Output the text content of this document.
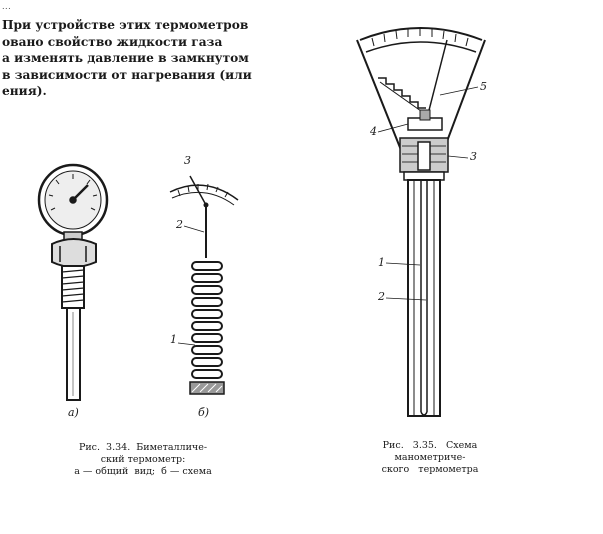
...
При устройстве этих термометров
овано свойство жидкости газа
а изменять давление в замкнутом
в зависимости от нагревания (или
ения).
3
2
1
а)	б)
5
4
3
1
2
Рис.  3.34.  Биметалличе-
ский термометр:
а — общий  вид;  б — схема
Рис.   3.35.   Схема
манометриче-
ского   термометра
